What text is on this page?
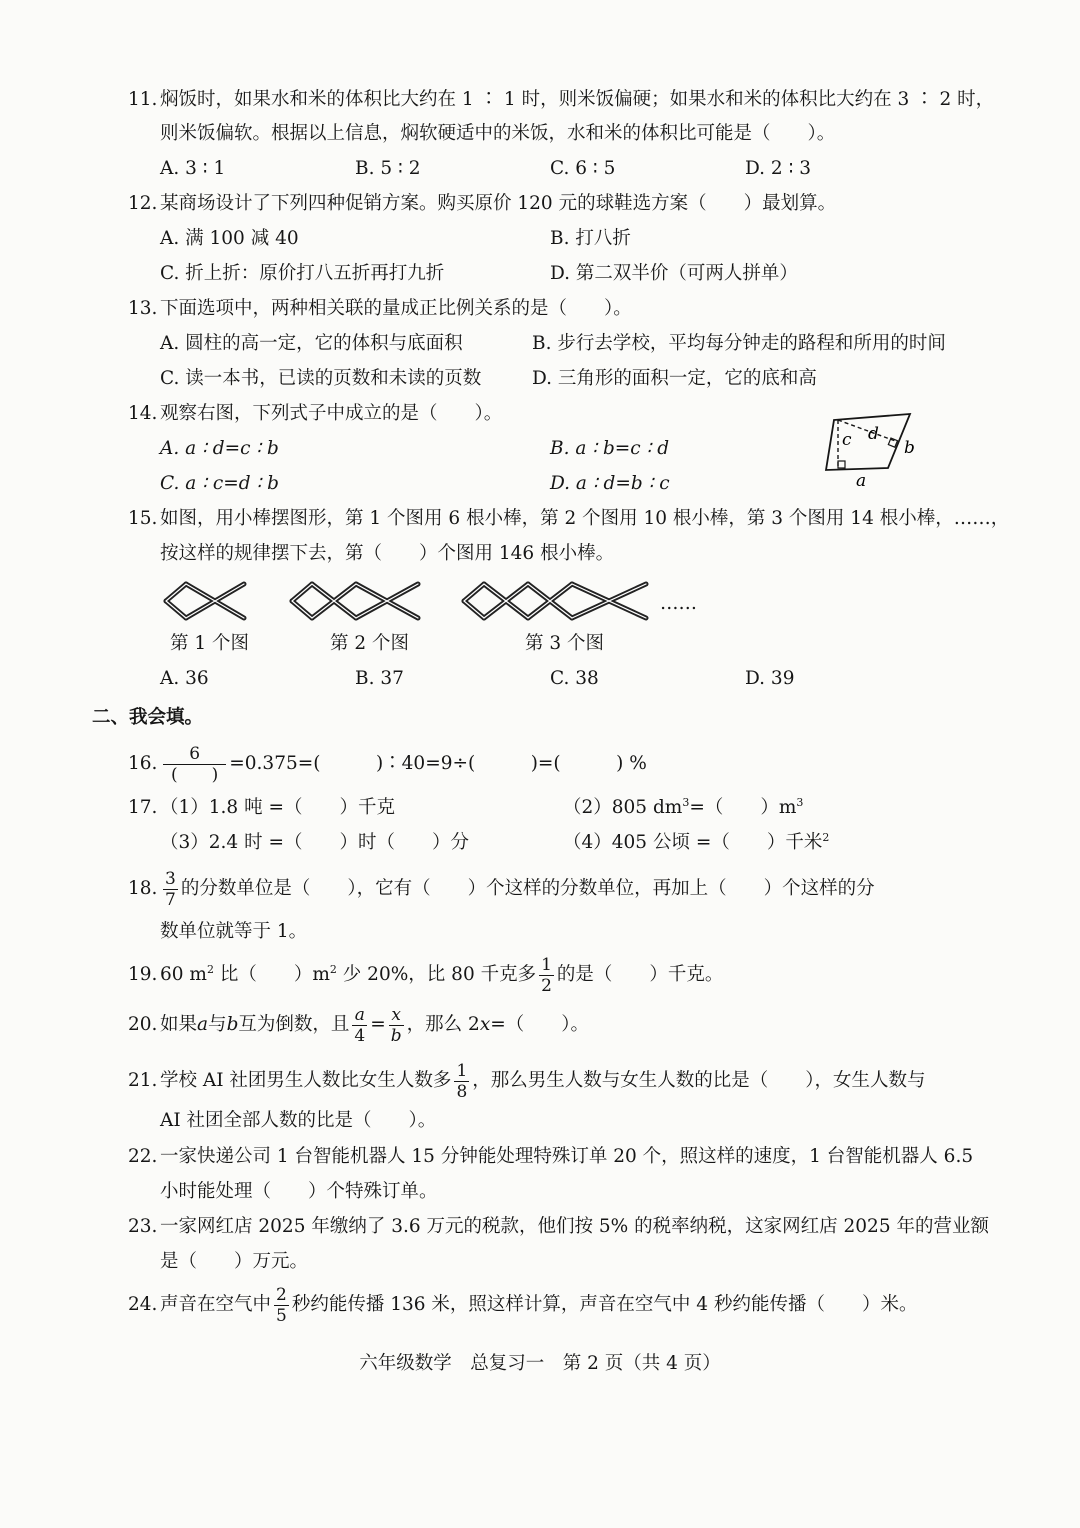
11. 焖饭时，如果水和米的体积比大约在 1 ∶ 1 时，则米饭偏硬；如果水和米的体积比大约在 3 ∶ 2 时，
则米饭偏软。根据以上信息，焖软硬适中的米饭，水和米的体积比可能是（　　）。
A. 3 ∶ 1	B. 5 ∶ 2	C. 6 ∶ 5	D. 2 ∶ 3
12. 某商场设计了下列四种促销方案。购买原价 120 元的球鞋选方案（　　）最划算。
A. 满 100 减 40	B. 打八折
C. 折上折：原价打八五折再打九折	D. 第二双半价（可两人拼单）
13. 下面选项中，两种相关联的量成正比例关系的是（　　）。
A. 圆柱的高一定，它的体积与底面积	B. 步行去学校，平均每分钟走的路程和所用的时间
C. 读一本书，已读的页数和未读的页数	D. 三角形的面积一定，它的底和高
14. 观察右图，下列式子中成立的是（　　）。
A. a ∶ d=c ∶ b	B. a ∶ b=c ∶ d
C. a ∶ c=d ∶ b	D. a ∶ d=b ∶ c
c d
b
a
15. 如图，用小棒摆图形，第 1 个图用 6 根小棒，第 2 个图用 10 根小棒，第 3 个图用 14 根小棒，……，
按这样的规律摆下去，第（　　）个图用 146 根小棒。
……
第 1 个图	第 2 个图	第 3 个图
A. 36	B. 37	C. 38	D. 39
二、我会填。
16.	6
(　　)
=0.375=(　　　)∶40=9÷(　　　)=(　　　) %
17. （1）1.8 吨 =（　　）千克	（2）805 $dm^3=$（　　）$m^3$
（3）2.4 时 =（　　）时（　　）分	（4）405 公顷 =（　　）千米$^2$
18. $\frac{3}{7}$ 的分数单位是（　　），它有（　　）个这样的分数单位，再加上（　　）个这样的分
数单位就等于 1。
19. 60 $m^2$ 比（　　）$m^2$ 少 20%，比 80 千克多 $\frac{1}{2}$ 的是（　　）千克。
20. 如果a与b互为倒数，且 $\frac{a}{4} = \frac{x}{b}$ ，那么 2x=（　　）。
21. 学校 AI 社团男生人数比女生人数多 $\frac{1}{8}$ ，那么男生人数与女生人数的比是（　　），女生人数与
AI 社团全部人数的比是（　　）。
22. 一家快递公司 1 台智能机器人 15 分钟能处理特殊订单 20 个，照这样的速度，1 台智能机器人 6.5
小时能处理（　　）个特殊订单。
23. 一家网红店 2025 年缴纳了 3.6 万元的税款，他们按 5% 的税率纳税，这家网红店 2025 年的营业额
是（　　）万元。
24. 声音在空气中 $\frac{2}{5}$ 秒约能传播 136 米，照这样计算，声音在空气中 4 秒约能传播（　　）米。
六年级数学　总复习一　第 2 页（共 4 页）
